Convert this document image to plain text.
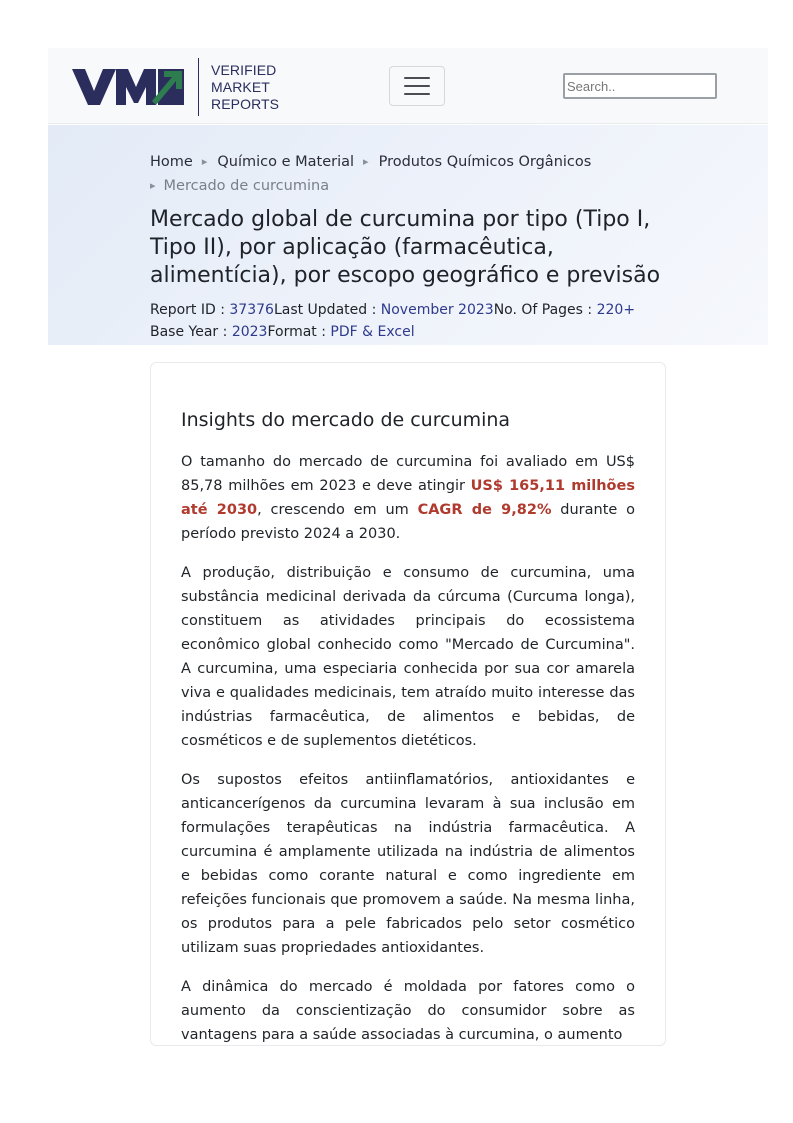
VERIFIED
MARKET
REPORTS
Search..
Home ▸ Químico e Material ▸ Produtos Químicos Orgânicos
▸ Mercado de curcumina
Mercado global de curcumina por tipo (Tipo I, Tipo II), por aplicação (farmacêutica, alimentícia), por escopo geográfico e previsão
Report ID : 37376Last Updated : November 2023No. Of Pages : 220+
Base Year : 2023Format : PDF & Excel
Insights do mercado de curcumina

O tamanho do mercado de curcumina foi avaliado em US$ 85,78 milhões em 2023 e deve atingir US$ 165,11 milhões até 2030, crescendo em um CAGR de 9,82% durante o período previsto 2024 a 2030.

A produção, distribuição e consumo de curcumina, uma substância medicinal derivada da cúrcuma (Curcuma longa), constituem as atividades principais do ecossistema econômico global conhecido como "Mercado de Curcumina". A curcumina, uma especiaria conhecida por sua cor amarela viva e qualidades medicinais, tem atraído muito interesse das indústrias farmacêutica, de alimentos e bebidas, de cosméticos e de suplementos dietéticos.

Os supostos efeitos antiinflamatórios, antioxidantes e anticancerígenos da curcumina levaram à sua inclusão em formulações terapêuticas na indústria farmacêutica. A curcumina é amplamente utilizada na indústria de alimentos e bebidas como corante natural e como ingrediente em refeições funcionais que promovem a saúde. Na mesma linha, os produtos para a pele fabricados pelo setor cosmético utilizam suas propriedades antioxidantes.

A dinâmica do mercado é moldada por fatores como o aumento da conscientização do consumidor sobre as vantagens para a saúde associadas à curcumina, o aumento
